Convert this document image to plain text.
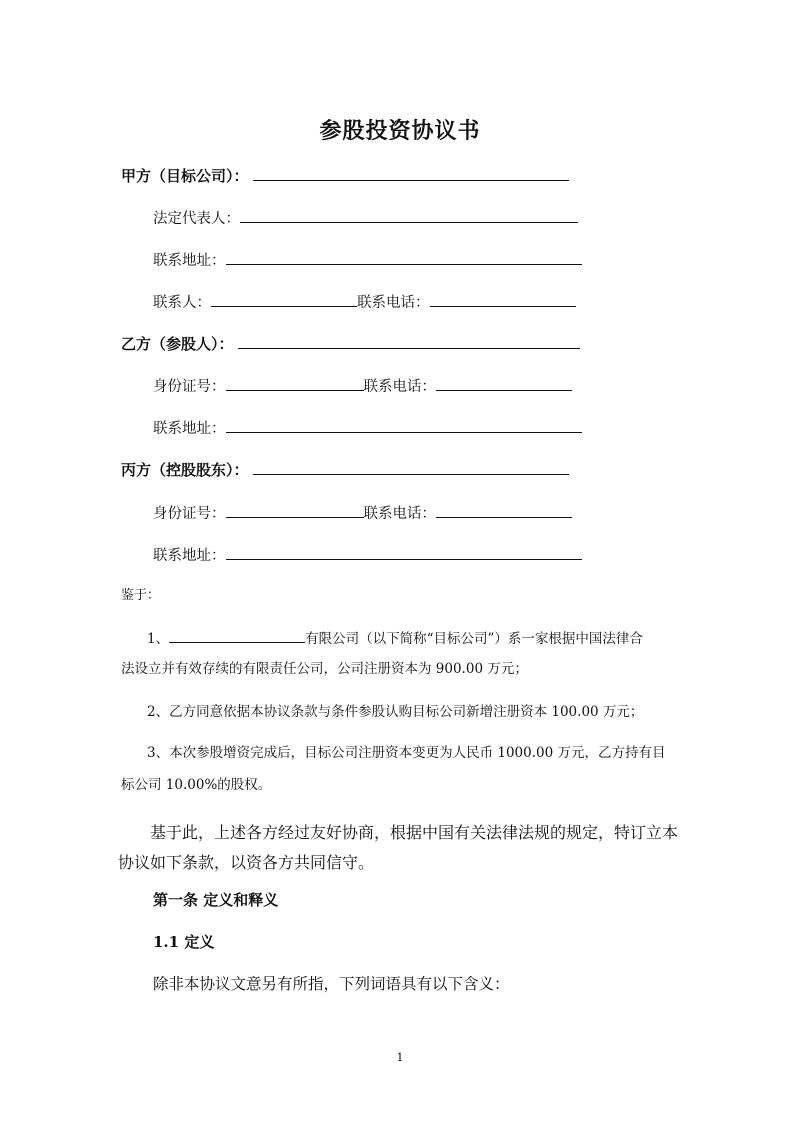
参股投资协议书
甲方（目标公司）：
法定代表人：
联系地址：
联系人：	联系电话：
乙方（参股人）：
身份证号：	联系电话：
联系地址：
丙方（控股股东）：
身份证号：	联系电话：
联系地址：
鉴于：
1、	有限公司（以下简称“目标公司”）系一家根据中国法律合
法设立并有效存续的有限责任公司，公司注册资本为 900.00 万元；
2、乙方同意依据本协议条款与条件参股认购目标公司新增注册资本 100.00 万元；
3、本次参股增资完成后，目标公司注册资本变更为人民币 1000.00 万元，乙方持有目
标公司 10.00%的股权。
基于此，上述各方经过友好协商，根据中国有关法律法规的规定，特订立本协议如下条款，以资各方共同信守。
第一条 定义和释义
1.1 定义
除非本协议文意另有所指，下列词语具有以下含义：
1
